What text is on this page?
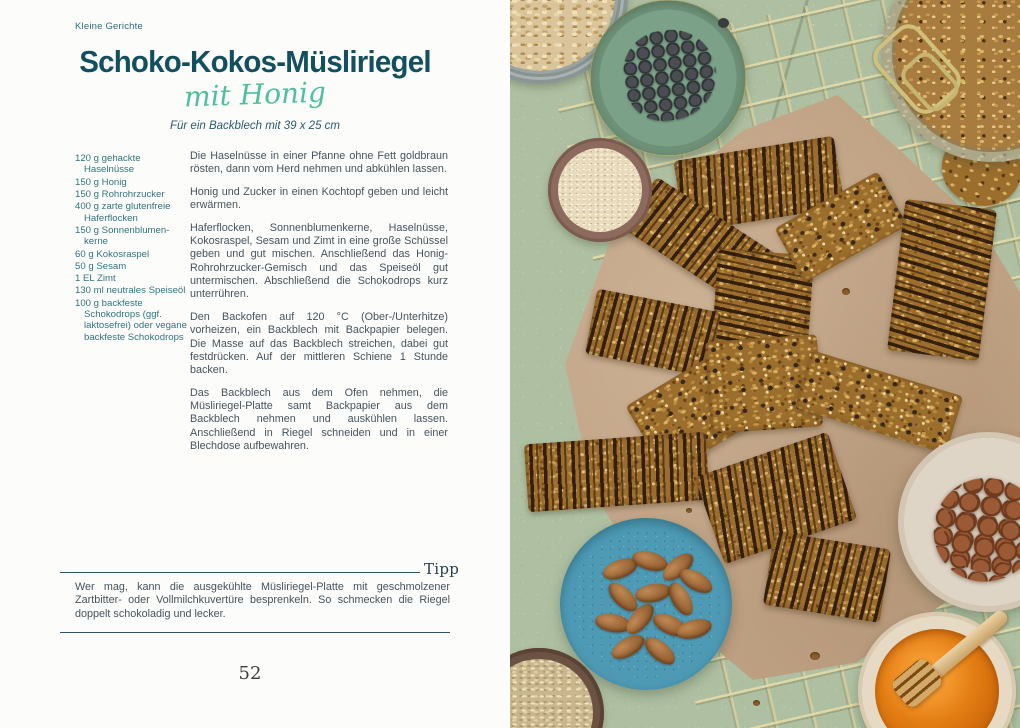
Kleine Gerichte
Schoko-Kokos-Müsliriegel
mit Honig
Für ein Backblech mit 39 x 25 cm
120 g gehackte Haselnüsse
150 g Honig
150 g Rohrohrzucker
400 g zarte glutenfreie Haferflocken
150 g Sonnenblumenkerne
60 g Kokosraspel
50 g Sesam
1 EL Zimt
130 ml neutrales Speiseöl
100 g backfeste Schokodrops (ggf. laktosefrei) oder vegane backfeste Schokodrops

Die Haselnüsse in einer Pfanne ohne Fett goldbraun rösten, dann vom Herd nehmen und abkühlen lassen.

Honig und Zucker in einen Kochtopf geben und leicht erwärmen.

Haferflocken, Sonnenblumenkerne, Haselnüsse, Kokosraspel, Sesam und Zimt in eine große Schüssel geben und gut mischen. Anschließend das Honig-Rohrohrzucker-Gemisch und das Speiseöl gut untermischen. Abschließend die Schokodrops kurz unterrühren.

Den Backofen auf 120 °C (Ober-/Unterhitze) vorheizen, ein Backblech mit Backpapier belegen. Die Masse auf das Backblech streichen, dabei gut festdrücken. Auf der mittleren Schiene 1 Stunde backen.

Das Backblech aus dem Ofen nehmen, die Müsliriegel-Platte samt Backpapier aus dem Backblech nehmen und auskühlen lassen. Anschließend in Riegel schneiden und in einer Blechdose aufbewahren.

Tipp

Wer mag, kann die ausgekühlte Müsliriegel-Platte mit geschmolzener Zartbitter- oder Vollmilchkuvertüre besprenkeln. So schmecken die Riegel doppelt schokoladig und lecker.

52
